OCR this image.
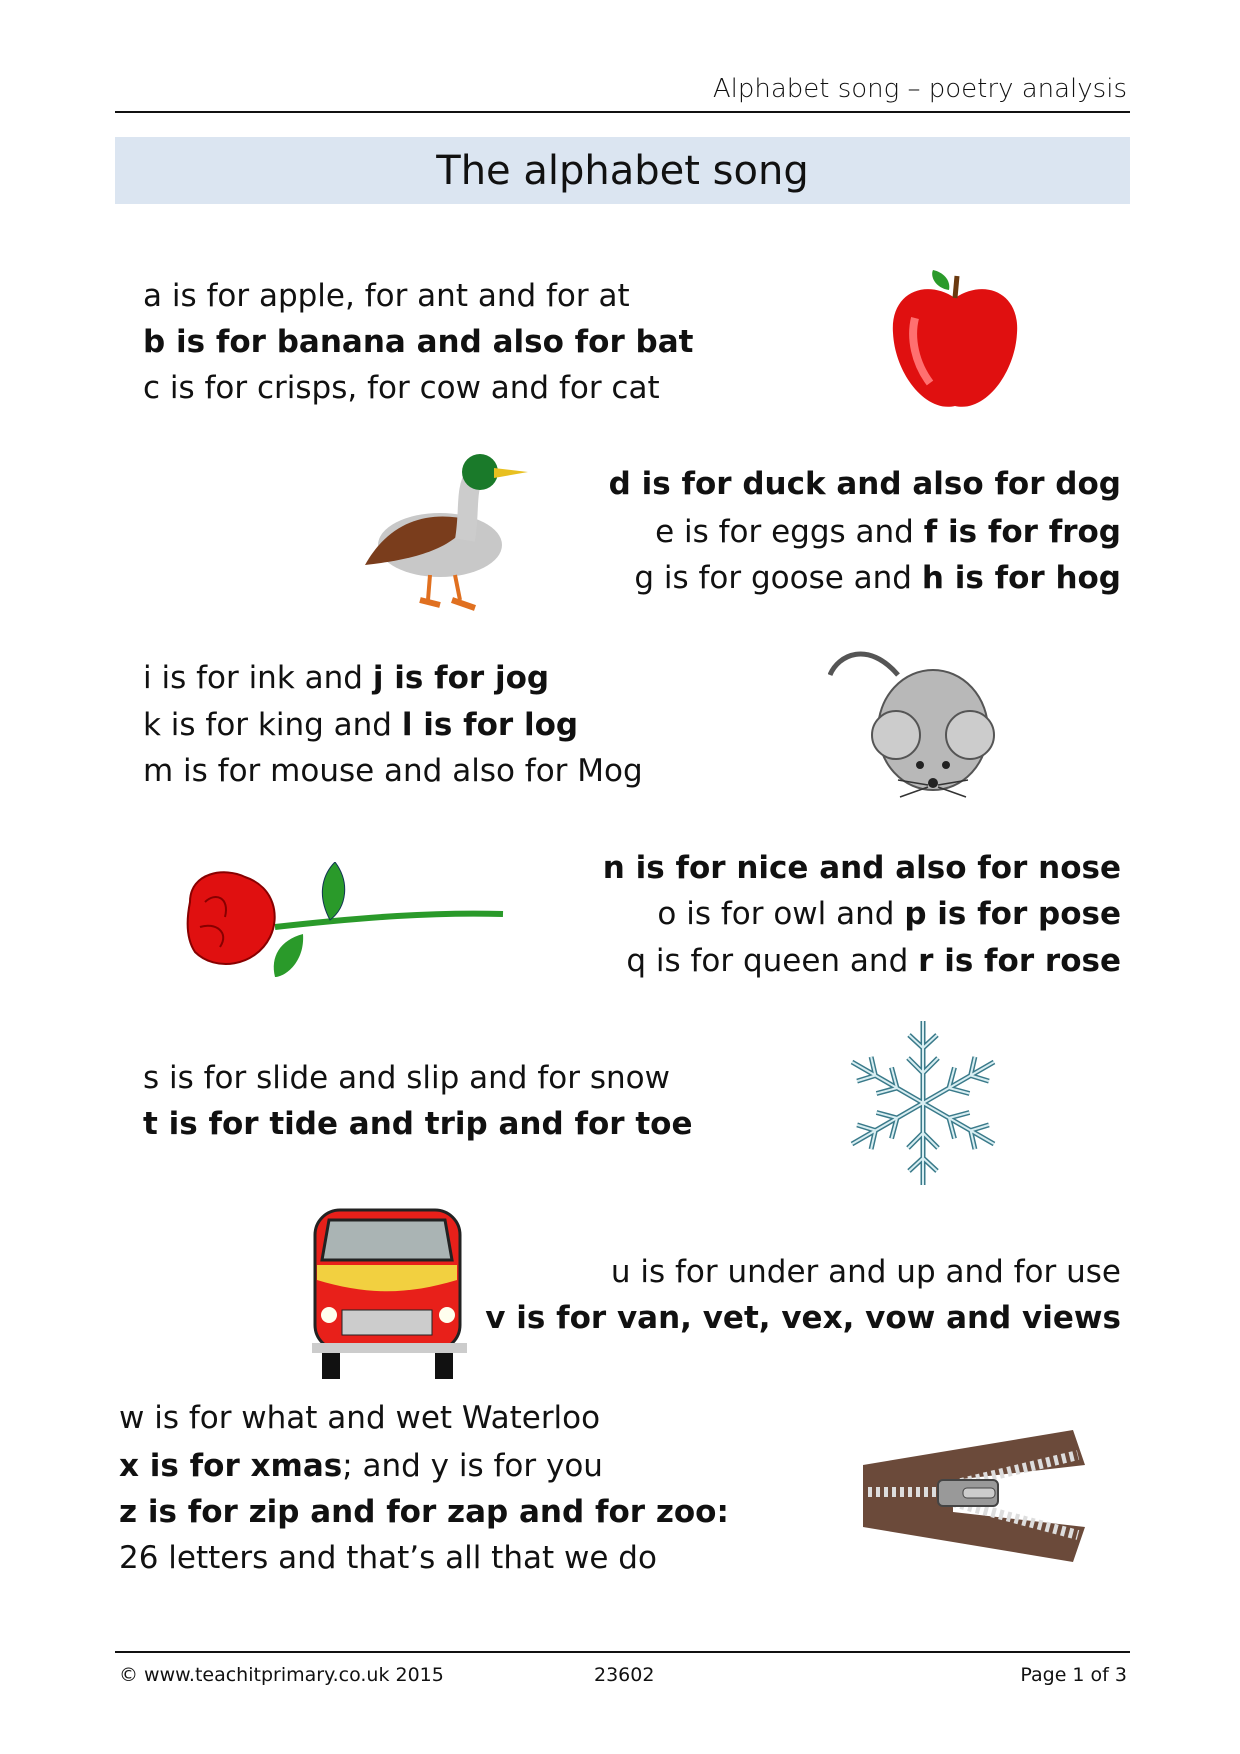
Alphabet song – poetry analysis
The alphabet song
a is for apple, for ant and for at
b is for banana and also for bat
c is for crisps, for cow and for cat
d is for duck and also for dog
e is for eggs and f is for frog
g is for goose and h is for hog
i is for ink and j is for jog
k is for king and l is for log
m is for mouse and also for Mog
n is for nice and also for nose
o is for owl and p is for pose
q is for queen and r is for rose
s is for slide and slip and for snow
t is for tide and trip and for toe
u is for under and up and for use
v is for van, vet, vex, vow and views
w is for what and wet Waterloo
x is for xmas; and y is for you
z is for zip and for zap and for zoo:
26 letters and that’s all that we do
© www.teachitprimary.co.uk 2015	23602	Page 1 of 3
